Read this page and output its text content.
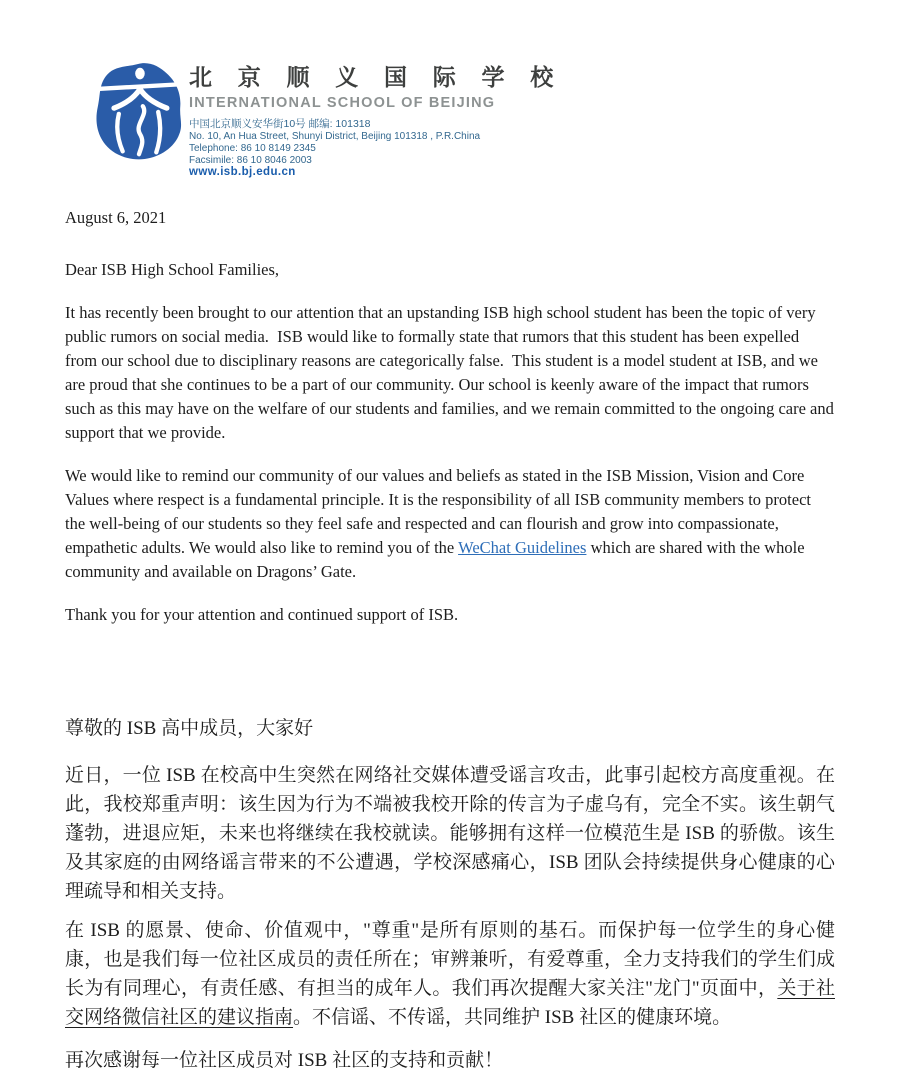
北 京 顺 义 国 际 学 校
INTERNATIONAL SCHOOL OF BEIJING
中国北京顺义安华街10号 邮编: 101318
No. 10, An Hua Street, Shunyi District, Beijing 101318 , P.R.China
Telephone: 86 10 8149 2345
Facsimile: 86 10 8046 2003
www.isb.bj.edu.cn
August 6, 2021

Dear ISB High School Families,

It has recently been brought to our attention that an upstanding ISB high school student has been the topic of very public rumors on social media.  ISB would like to formally state that rumors that this student has been expelled from our school due to disciplinary reasons are categorically false.  This student is a model student at ISB, and we are proud that she continues to be a part of our community. Our school is keenly aware of the impact that rumors such as this may have on the welfare of our students and families, and we remain committed to the ongoing care and support that we provide.

We would like to remind our community of our values and beliefs as stated in the ISB Mission, Vision and Core Values where respect is a fundamental principle. It is the responsibility of all ISB community members to protect the well-being of our students so they feel safe and respected and can flourish and grow into compassionate, empathetic adults. We would also like to remind you of the WeChat Guidelines which are shared with the whole community and available on Dragons’ Gate.

Thank you for your attention and continued support of ISB.

尊敬的 ISB 高中成员，大家好

近日，一位 ISB 在校高中生突然在网络社交媒体遭受谣言攻击，此事引起校方高度重视。在此，我校郑重声明：该生因为行为不端被我校开除的传言为子虚乌有，完全不实。该生朝气蓬勃，进退应矩，未来也将继续在我校就读。能够拥有这样一位模范生是 ISB 的骄傲。该生及其家庭的由网络谣言带来的不公遭遇，学校深感痛心，ISB 团队会持续提供身心健康的心理疏导和相关支持。

在 ISB 的愿景、使命、价值观中，"尊重"是所有原则的基石。而保护每一位学生的身心健康，也是我们每一位社区成员的责任所在；审辨兼听，有爱尊重，全力支持我们的学生们成长为有同理心，有责任感、有担当的成年人。我们再次提醒大家关注"龙门"页面中，关于社交网络微信社区的建议指南。不信谣、不传谣，共同维护 ISB 社区的健康环境。

再次感谢每一位社区成员对 ISB 社区的支持和贡献！
